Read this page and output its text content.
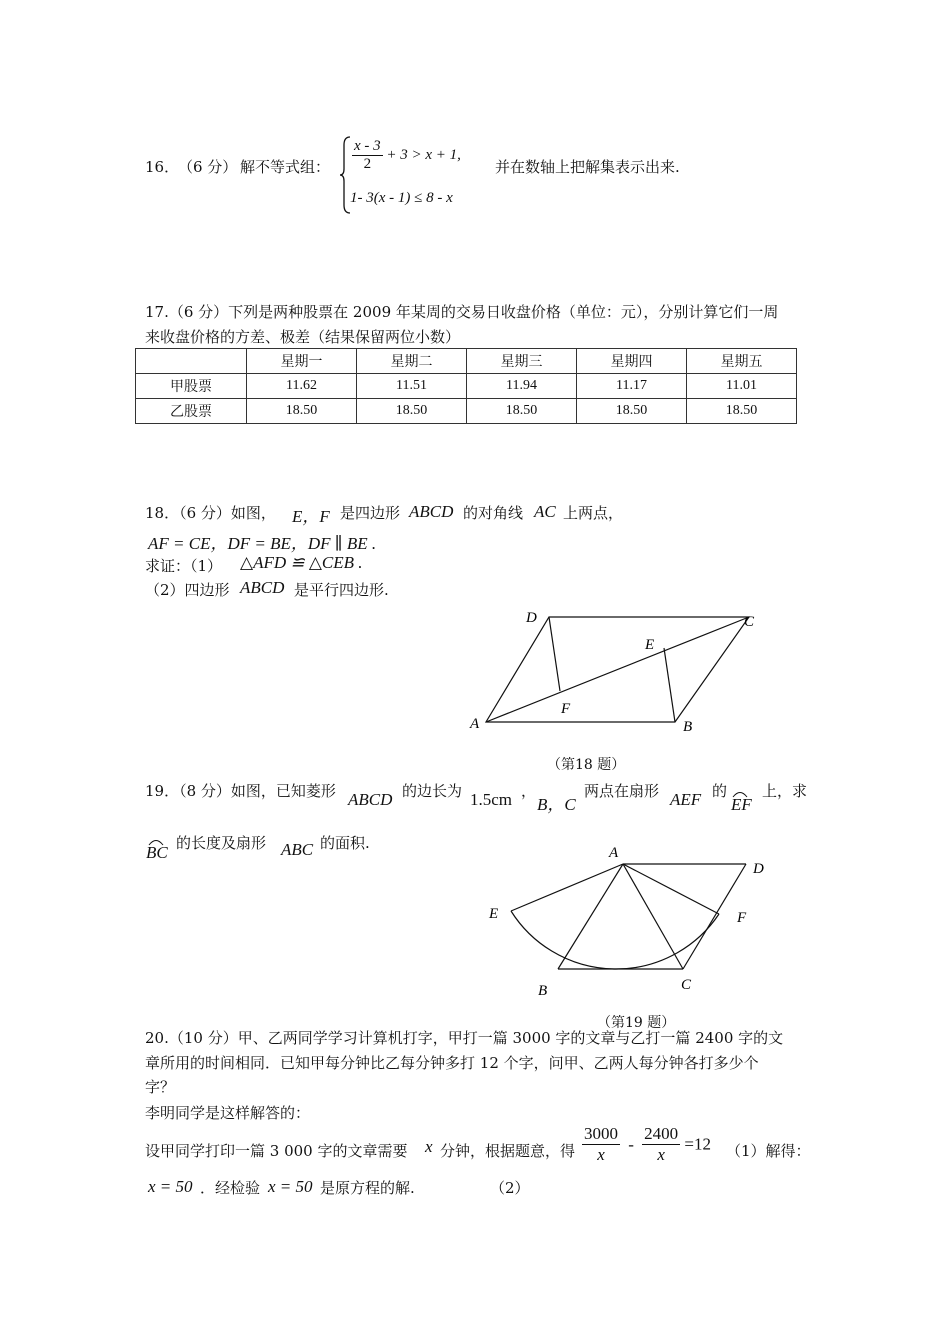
16．
（6 分） 解不等式组： $\frac{x - 3}{2} + 3 > x + 1$,
1- 3(x - 1) ≤ 8 - x
并在数轴上把解集表示出来.
17.（6 分）下列是两种股票在 2009 年某周的交易日收盘价格（单位：元），分别计算它们一周
来收盘价格的方差、极差（结果保留两位小数）
	星期一	星期二	星期三	星期四	星期五
甲股票	11.62	11.51	11.94	11.17	11.01
乙股票	18.50	18.50	18.50	18.50	18.50
18．（6 分）如图， E，F 是四边形 ABCD 的对角线 AC 上两点，
AF = CE，DF = BE，DF ∥ BE .
求证：（1） △AFD ≌ △CEB .
（2）四边形 ABCD 是平行四边形.
A	B
C
D
E
F
（第18 题）
19．（8 分）如图，已知菱形 ABCD 的边长为 1.5cm ，
B，C
两点在扇形 AEF 的
EF
上，求
BC 的长度及扇形 ABC 的面积.
A
B	C
D
E	F
（第19 题）
20.（10 分）甲、乙两同学学习计算机打字，甲打一篇 3000 字的文章与乙打一篇 2400 字的文
章所用的时间相同．已知甲每分钟比乙每分钟多打 12 个字，问甲、乙两人每分钟各打多少个
字？
李明同学是这样解答的：
设甲同学打印一篇 3 000 字的文章需要 x 分钟，根据题意，得 $\frac{3000}{x} - \frac{2400}{x} =12$ （1）解得：
x = 50 ．经检验 x = 50 是原方程的解.	（2）
